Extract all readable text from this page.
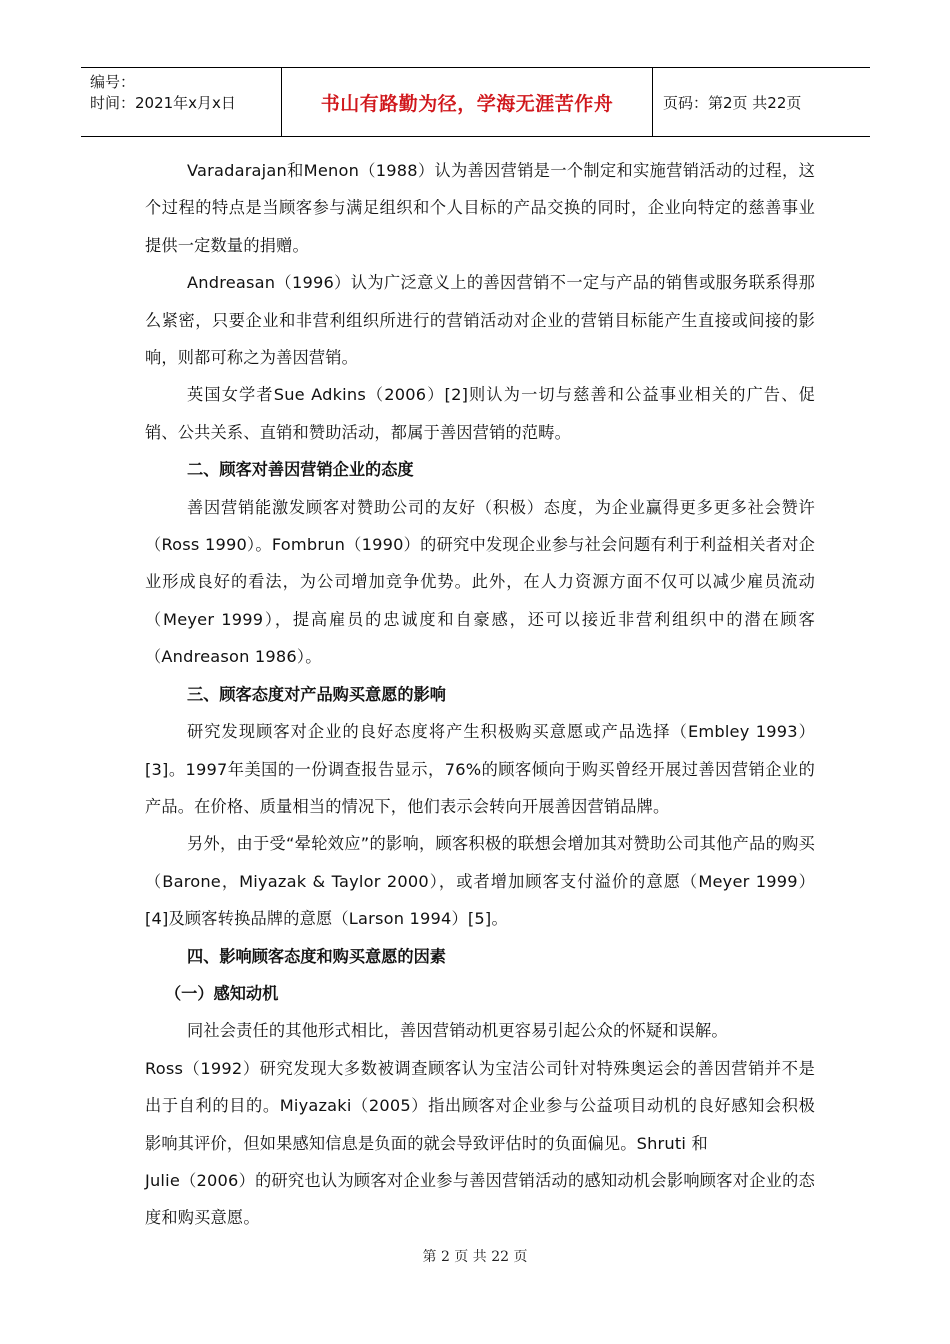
编号：
时间：2021年x月x日	书山有路勤为径，学海无涯苦作舟	页码：第2页 共22页

Varadarajan和Menon（1988）认为善因营销是一个制定和实施营销活动的过程，这个过程的特点是当顾客参与满足组织和个人目标的产品交换的同时，企业向特定的慈善事业提供一定数量的捐赠。

Andreasan（1996）认为广泛意义上的善因营销不一定与产品的销售或服务联系得那么紧密，只要企业和非营利组织所进行的营销活动对企业的营销目标能产生直接或间接的影响，则都可称之为善因营销。

英国女学者Sue Adkins（2006）[2]则认为一切与慈善和公益事业相关的广告、促销、公共关系、直销和赞助活动，都属于善因营销的范畴。

二、顾客对善因营销企业的态度

善因营销能激发顾客对赞助公司的友好（积极）态度，为企业赢得更多更多社会赞许（Ross 1990）。Fombrun（1990）的研究中发现企业参与社会问题有利于利益相关者对企业形成良好的看法，为公司增加竞争优势。此外，在人力资源方面不仅可以减少雇员流动（Meyer 1999），提高雇员的忠诚度和自豪感，还可以接近非营利组织中的潜在顾客（Andreason 1986）。

三、顾客态度对产品购买意愿的影响

研究发现顾客对企业的良好态度将产生积极购买意愿或产品选择（Embley 1993）[3]。1997年美国的一份调查报告显示，76%的顾客倾向于购买曾经开展过善因营销企业的产品。在价格、质量相当的情况下，他们表示会转向开展善因营销品牌。

另外，由于受“晕轮效应”的影响，顾客积极的联想会增加其对赞助公司其他产品的购买（Barone，Miyazak & Taylor 2000），或者增加顾客支付溢价的意愿（Meyer 1999）[4]及顾客转换品牌的意愿（Larson 1994）[5]。

四、影响顾客态度和购买意愿的因素

（一）感知动机

同社会责任的其他形式相比，善因营销动机更容易引起公众的怀疑和误解。

Ross（1992）研究发现大多数被调查顾客认为宝洁公司针对特殊奥运会的善因营销并不是出于自利的目的。Miyazaki（2005）指出顾客对企业参与公益项目动机的良好感知会积极影响其评价，但如果感知信息是负面的就会导致评估时的负面偏见。Shruti 和

Julie（2006）的研究也认为顾客对企业参与善因营销活动的感知动机会影响顾客对企业的态度和购买意愿。

第 2 页 共 22 页
